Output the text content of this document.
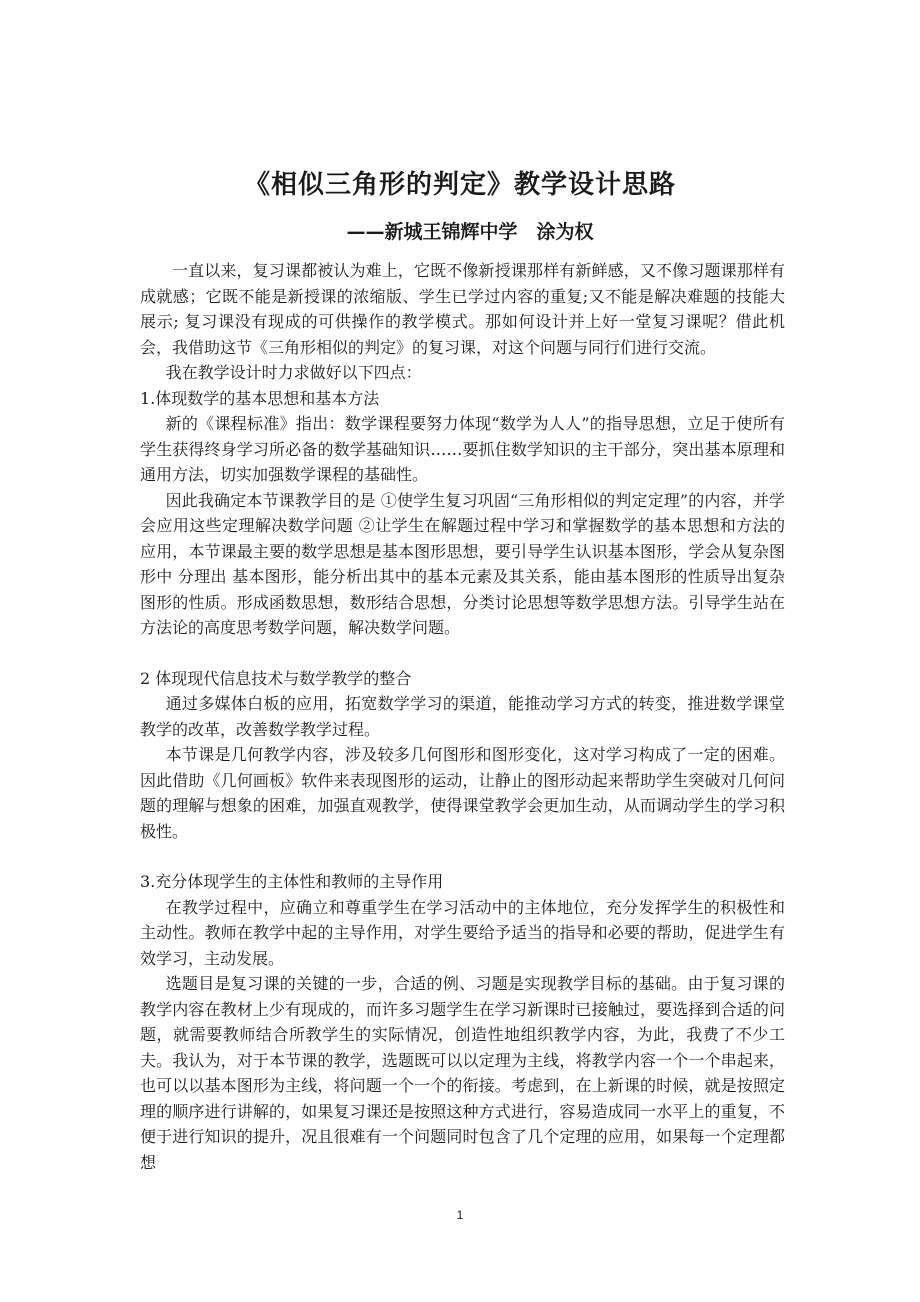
《相似三角形的判定》教学设计思路
——新城王锦辉中学　涂为权

一直以来，复习课都被认为难上，它既不像新授课那样有新鲜感，又不像习题课那样有成就感；它既不能是新授课的浓缩版、学生已学过内容的重复;又不能是解决难题的技能大展示; 复习课没有现成的可供操作的教学模式。那如何设计并上好一堂复习课呢？借此机会，我借助这节《三角形相似的判定》的复习课，对这个问题与同行们进行交流。

我在教学设计时力求做好以下四点：

1.体现数学的基本思想和基本方法

新的《课程标准》指出：数学课程要努力体现“数学为人人”的指导思想，立足于使所有学生获得终身学习所必备的数学基础知识……要抓住数学知识的主干部分，突出基本原理和通用方法，切实加强数学课程的基础性。

因此我确定本节课教学目的是 ①使学生复习巩固“三角形相似的判定定理”的内容，并学会应用这些定理解决数学问题 ②让学生在解题过程中学习和掌握数学的基本思想和方法的应用，本节课最主要的数学思想是基本图形思想，要引导学生认识基本图形，学会从复杂图形中 分理出 基本图形，能分析出其中的基本元素及其关系，能由基本图形的性质导出复杂图形的性质。形成函数思想，数形结合思想，分类讨论思想等数学思想方法。引导学生站在方法论的高度思考数学问题，解决数学问题。

2 体现现代信息技术与数学教学的整合

通过多媒体白板的应用，拓宽数学学习的渠道，能推动学习方式的转变，推进数学课堂教学的改革，改善数学教学过程。

本节课是几何教学内容，涉及较多几何图形和图形变化，这对学习构成了一定的困难。因此借助《几何画板》软件来表现图形的运动，让静止的图形动起来帮助学生突破对几何问题的理解与想象的困难，加强直观教学，使得课堂教学会更加生动，从而调动学生的学习积极性。

3.充分体现学生的主体性和教师的主导作用

在教学过程中，应确立和尊重学生在学习活动中的主体地位，充分发挥学生的积极性和主动性。教师在教学中起的主导作用，对学生要给予适当的指导和必要的帮助，促进学生有效学习，主动发展。

选题目是复习课的关键的一步，合适的例、习题是实现教学目标的基础。由于复习课的教学内容在教材上少有现成的，而许多习题学生在学习新课时已接触过，要选择到合适的问题，就需要教师结合所教学生的实际情况，创造性地组织教学内容，为此，我费了不少工夫。我认为，对于本节课的教学，选题既可以以定理为主线，将教学内容一个一个串起来，也可以以基本图形为主线，将问题一个一个的衔接。考虑到，在上新课的时候，就是按照定理的顺序进行讲解的，如果复习课还是按照这种方式进行，容易造成同一水平上的重复，不便于进行知识的提升，况且很难有一个问题同时包含了几个定理的应用，如果每一个定理都想

1
